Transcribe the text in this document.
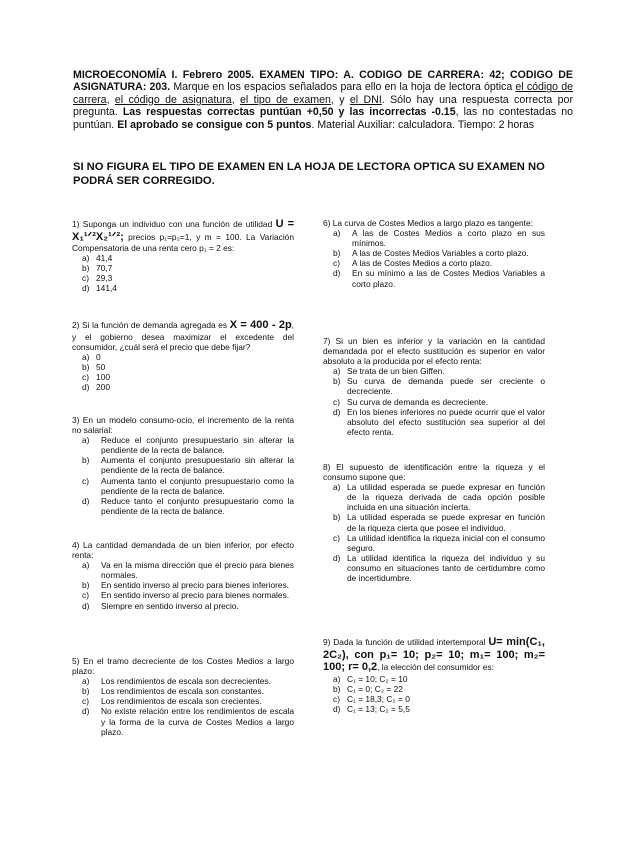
MICROECONOMÍA I. Febrero 2005. EXAMEN TIPO: A. CODIGO DE CARRERA: 42; CODIGO DE ASIGNATURA: 203. Marque en los espacios señalados para ello en la hoja de lectora óptica el código de carrera, el código de asignatura, el tipo de examen, y el DNI. Sólo hay una respuesta correcta por pregunta. Las respuestas correctas puntúan +0,50 y las incorrectas -0.15, las no contestadas no puntúan. El aprobado se consigue con 5 puntos. Material Auxiliar: calculadora. Tiempo: 2 horas
SI NO FIGURA EL TIPO DE EXAMEN EN LA HOJA DE LECTORA OPTICA SU EXAMEN NO PODRÁ SER CORREGIDO.
1) Suponga un individuo con una función de utilidad U = X₁¹ᐟ²X₂¹ᐟ²; precios p₁=p₂=1, y m = 100. La Variación Compensatoria de una renta cero p₁ = 2 es:
a) 41,4
b) 70,7
c) 29,3
d) 141,4
2) Si la función de demanda agregada es X = 400 - 2p, y el gobierno desea maximizar el excedente del consumidor, ¿cuál será el precio que debe fijar?
a) 0
b) 50
c) 100
d) 200
3) En un modelo consumo-ocio, el incremento de la renta no salarial:
a)	Reduce el conjunto presupuestario sin alterar la pendiente de la recta de balance.
b)	Aumenta el conjunto presupuestario sin alterar la pendiente de la recta de balance.
c)	Aumenta tanto el conjunto presupuestario como la pendiente de la recta de balance.
d)	Reduce tanto el conjunto presupuestario como la pendiente de la recta de balance.
4) La cantidad demandada de un bien inferior, por efecto renta:
a)	Va en la misma dirección que el precio para bienes normales.
b)	En sentido inverso al precio para bienes inferiores.
c)	En sentido inverso al precio para bienes normales.
d)	Siempre en sentido inverso al precio.
5) En el tramo decreciente de los Costes Medios a largo plazo:
a)	Los rendimientos de escala son decrecientes.
b)	Los rendimientos de escala son constantes.
c)	Los rendimientos de escala son crecientes.
d)	No existe relación entre los rendimientos de escala y la forma de la curva de Costes Medios a largo plazo.
6) La curva de Costes Medios a largo plazo es tangente:
a)	A las de Costes Medios a corto plazo en sus mínimos.
b)	A las de Costes Medios Variables a corto plazo.
c)	A las de Costes Medios a corto plazo.
d)	En su mínimo a las de Costes Medios Variables a corto plazo.
7) Si un bien es inferior y la variación en la cantidad demandada por el efecto sustitución es superior en valor absoluto a la producida por el efecto renta:
a) Se trata de un bien Giffen.
b) Su curva de demanda puede ser creciente o decreciente.
c) Su curva de demanda es decreciente.
d) En los bienes inferiores no puede ocurrir que el valor absoluto del efecto sustitución sea superior al del efecto renta.
8) El supuesto de identificación entre la riqueza y el consumo supone que:
a) La utilidad esperada se puede expresar en función de la riqueza derivada de cada opción posible incluida en una situación incierta.
b) La utilidad esperada se puede expresar en función de la riqueza cierta que posee el individuo.
c) La utilidad identifica la riqueza inicial con el consumo seguro.
d) La utilidad identifica la riqueza del individuo y su consumo en situaciones tanto de certidumbre como de incertidumbre.
9) Dada la función de utilidad intertemporal U= min(C₁, 2C₂), con p₁= 10; p₂= 10; m₁= 100; m₂= 100; r= 0,2, la elección del consumidor es:
a) C₁ = 10; C₂ = 10
b) C₁ = 0; C₂ = 22
c) C₁ = 18,3; C₂ = 0
d) C₁ = 13; C₂ = 5,5
